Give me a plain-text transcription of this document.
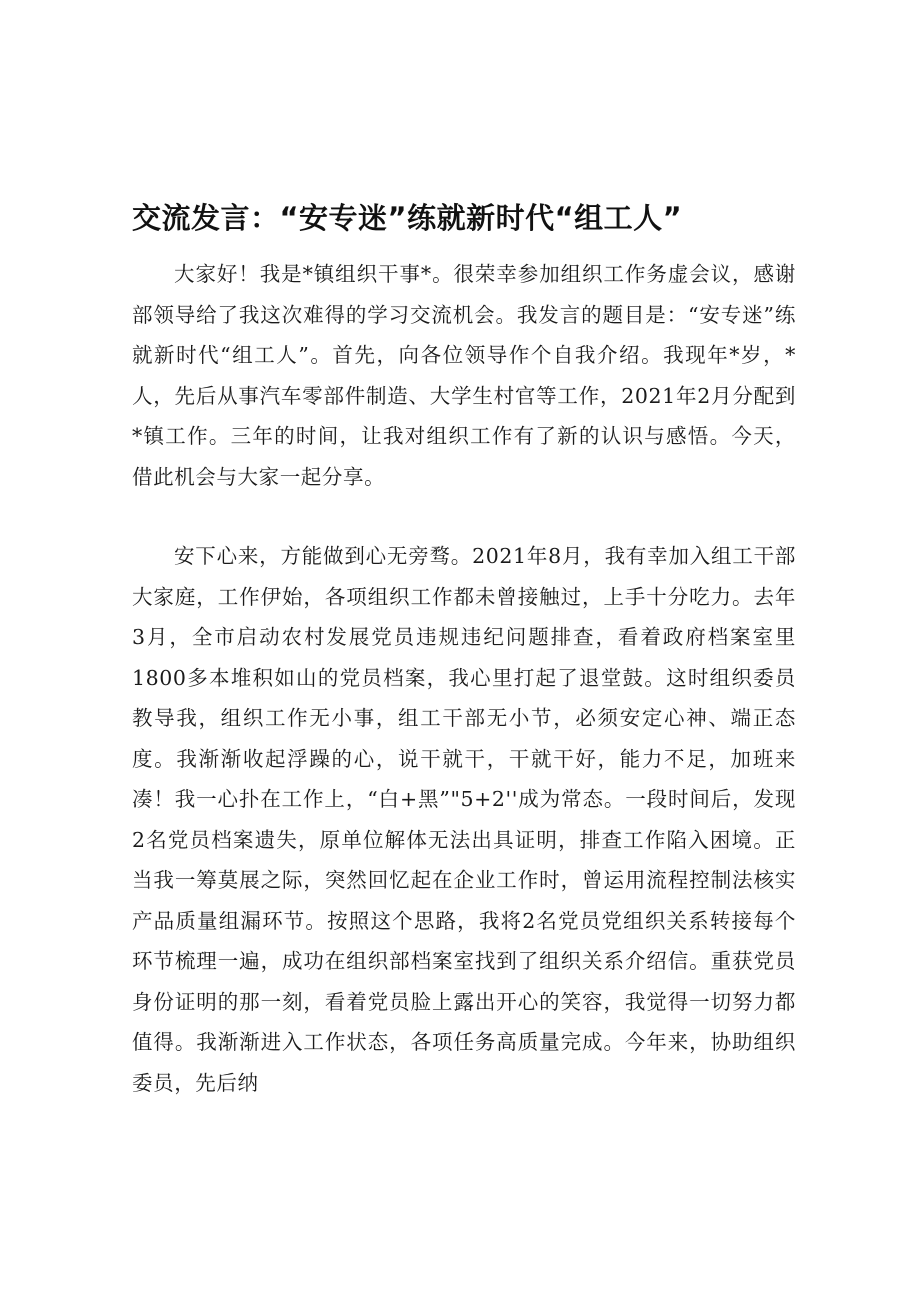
交流发言：“安专迷”练就新时代“组工人”

大家好！我是*镇组织干事*。很荣幸参加组织工作务虚会议，感谢部领导给了我这次难得的学习交流机会。我发言的题目是：“安专迷”练就新时代“组工人”。首先，向各位领导作个自我介绍。我现年*岁，*人，先后从事汽车零部件制造、大学生村官等工作，2021年2月分配到*镇工作。三年的时间，让我对组织工作有了新的认识与感悟。今天，借此机会与大家一起分享。

安下心来，方能做到心无旁骛。2021年8月，我有幸加入组工干部大家庭，工作伊始，各项组织工作都未曾接触过，上手十分吃力。去年3月，全市启动农村发展党员违规违纪问题排查，看着政府档案室里1800多本堆积如山的党员档案，我心里打起了退堂鼓。这时组织委员教导我，组织工作无小事，组工干部无小节，必须安定心神、端正态度。我渐渐收起浮躁的心，说干就干，干就干好，能力不足，加班来凑！我一心扑在工作上，“白+黑”"5+2''成为常态。一段时间后，发现2名党员档案遗失，原单位解体无法出具证明，排查工作陷入困境。正当我一筹莫展之际，突然回忆起在企业工作时，曾运用流程控制法核实产品质量组漏环节。按照这个思路，我将2名党员党组织关系转接每个环节梳理一遍，成功在组织部档案室找到了组织关系介绍信。重获党员身份证明的那一刻，看着党员脸上露出开心的笑容，我觉得一切努力都值得。我渐渐进入工作状态，各项任务高质量完成。今年来，协助组织委员，先后纳
